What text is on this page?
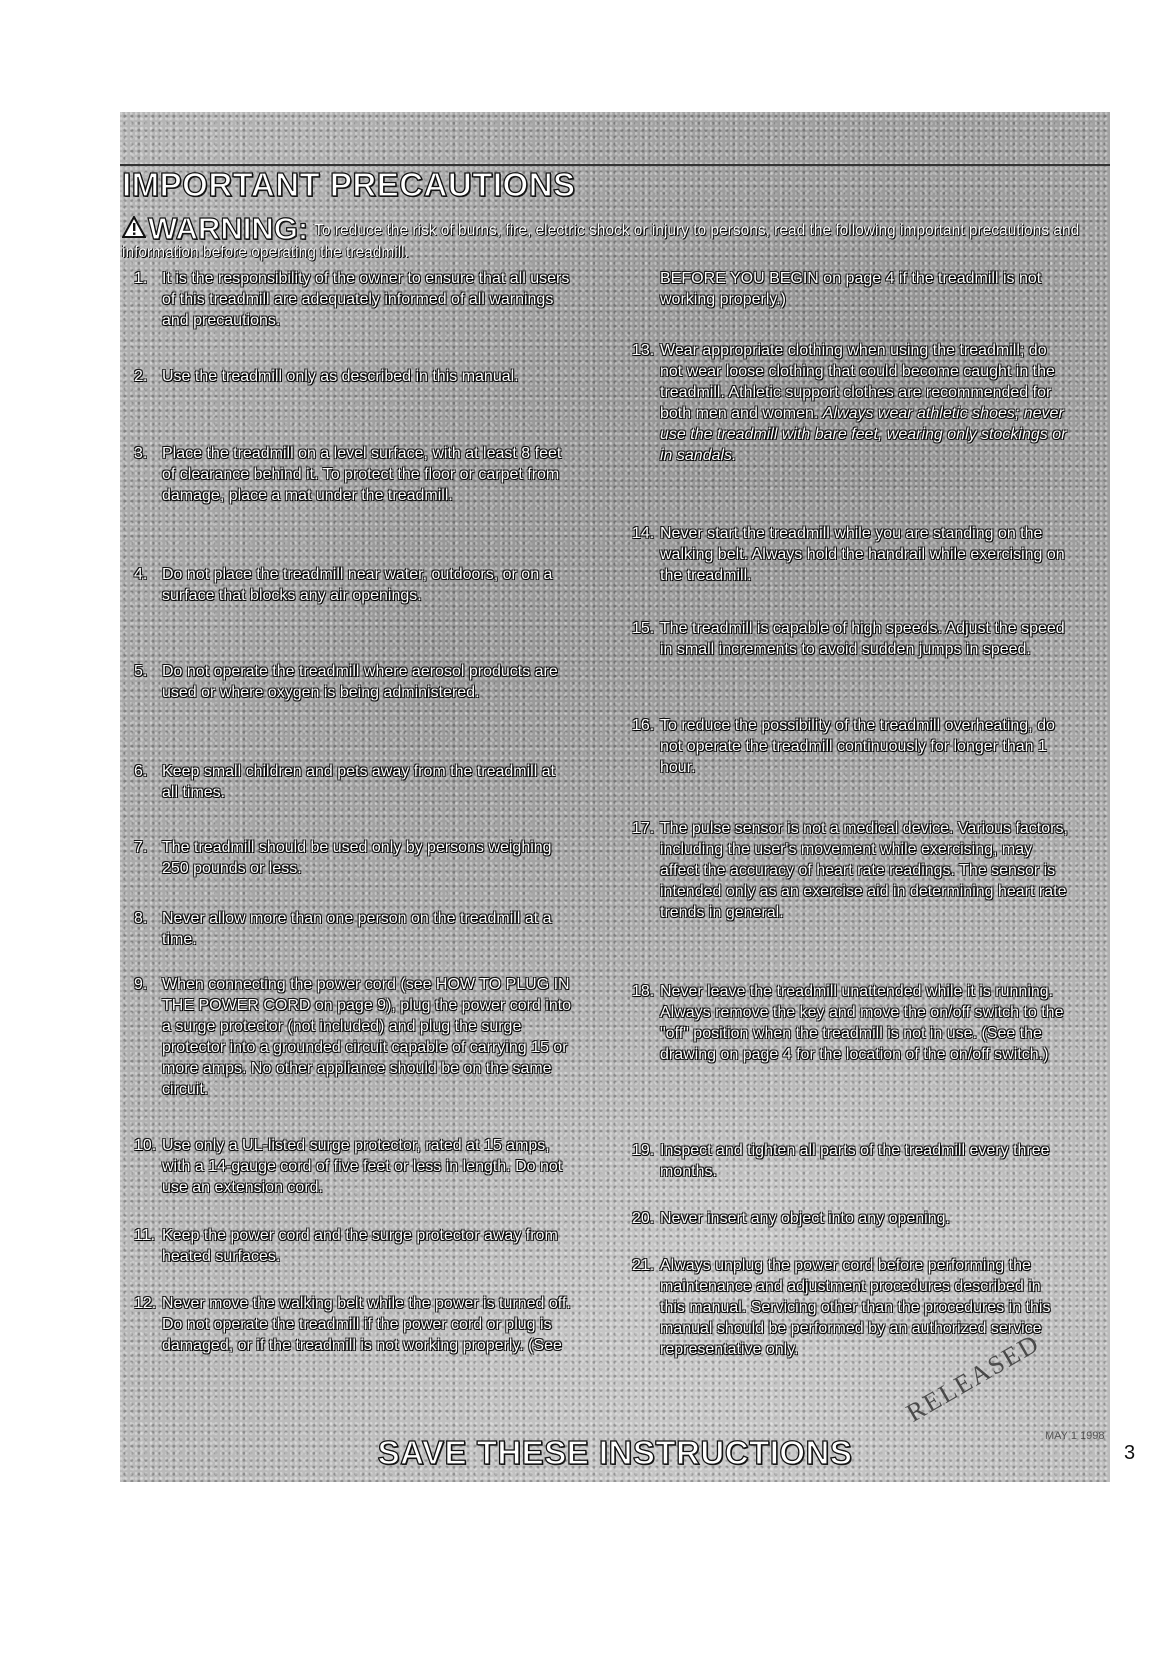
IMPORTANT PRECAUTIONS
WARNING: To reduce the risk of burns, fire, electric shock or injury to persons, read the following important precautions and information before operating the treadmill.
1. It is the responsibility of the owner to ensure that all users of this treadmill are adequately informed of all warnings and precautions.
2. Use the treadmill only as described in this manual.
3. Place the treadmill on a level surface, with at least 8 feet of clearance behind it. To protect the floor or carpet from damage, place a mat under the treadmill.
4. Do not place the treadmill near water, outdoors, or on a surface that blocks any air openings.
5. Do not operate the treadmill where aerosol products are used or where oxygen is being administered.
6. Keep small children and pets away from the treadmill at all times.
7. The treadmill should be used only by persons weighing 250 pounds or less.
8. Never allow more than one person on the treadmill at a time.
9. When connecting the power cord (see HOW TO PLUG IN THE POWER CORD on page 9), plug the power cord into a surge protector (not included) and plug the surge protector into a grounded circuit capable of carrying 15 or more amps. No other appliance should be on the same circuit.
10. Use only a UL-listed surge protector, rated at 15 amps, with a 14-gauge cord of five feet or less in length. Do not use an extension cord.
11. Keep the power cord and the surge protector away from heated surfaces.
12. Never move the walking belt while the power is turned off. Do not operate the treadmill if the power cord or plug is damaged, or if the treadmill is not working properly. (See
BEFORE YOU BEGIN on page 4 if the treadmill is not working properly.)
13. Wear appropriate clothing when using the treadmill; do not wear loose clothing that could become caught in the treadmill. Athletic support clothes are recommended for both men and women. Always wear athletic shoes; never use the treadmill with bare feet, wearing only stockings or in sandals.
14. Never start the treadmill while you are standing on the walking belt. Always hold the handrail while exercising on the treadmill.
15. The treadmill is capable of high speeds. Adjust the speed in small increments to avoid sudden jumps in speed.
16. To reduce the possibility of the treadmill overheating, do not operate the treadmill continuously for longer than 1 hour.
17. The pulse sensor is not a medical device. Various factors, including the user's movement while exercising, may affect the accuracy of heart rate readings. The sensor is intended only as an exercise aid in determining heart rate trends in general.
18. Never leave the treadmill unattended while it is running. Always remove the key and move the on/off switch to the "off" position when the treadmill is not in use. (See the drawing on page 4 for the location of the on/off switch.)
19. Inspect and tighten all parts of the treadmill every three months.
20. Never insert any object into any opening.
21. Always unplug the power cord before performing the maintenance and adjustment procedures described in this manual. Servicing other than the procedures in this manual should be performed by an authorized service representative only.	RELEASED
MAY 1 1998
SAVE THESE INSTRUCTIONS	3
